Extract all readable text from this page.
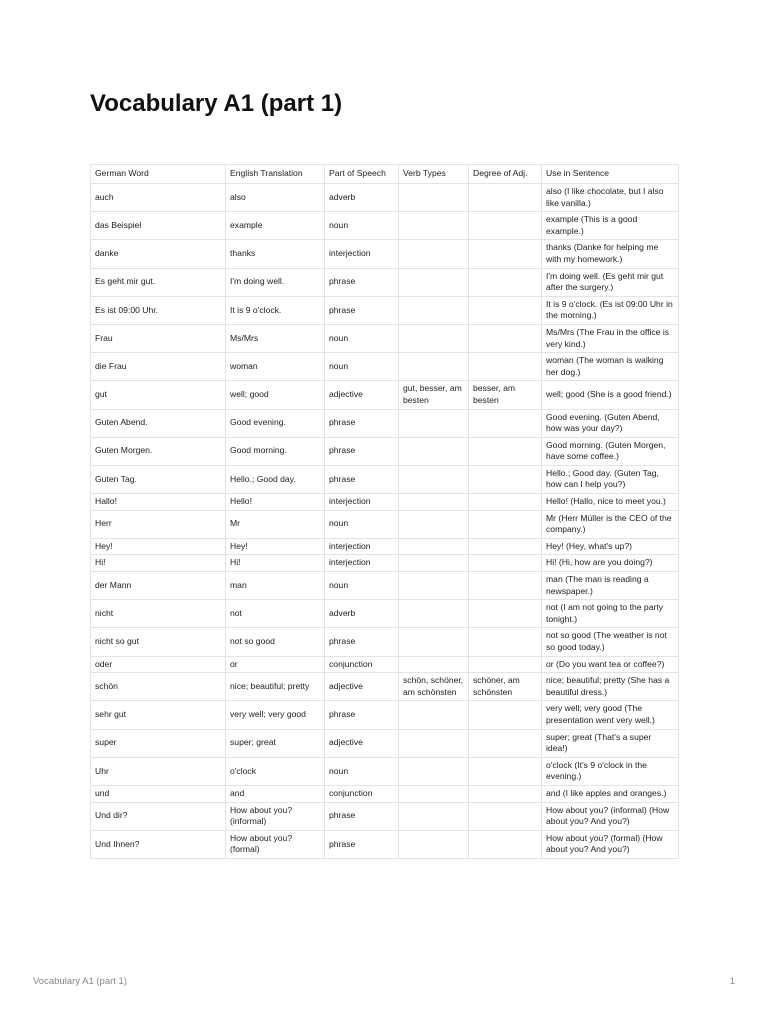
Vocabulary A1 (part 1)
German Word	English Translation	Part of Speech	Verb Types	Degree of Adj.	Use in Sentence
auch	also	adverb			also (I like chocolate, but I also like vanilla.)
das Beispiel	example	noun			example (This is a good example.)
danke	thanks	interjection			thanks (Danke for helping me with my homework.)
Es geht mir gut.	I'm doing well.	phrase			I'm doing well. (Es geht mir gut after the surgery.)
Es ist 09:00 Uhr.	It is 9 o'clock.	phrase			It is 9 o'clock. (Es ist 09:00 Uhr in the morning.)
Frau	Ms/Mrs	noun			Ms/Mrs (The Frau in the office is very kind.)
die Frau	woman	noun			woman (The woman is walking her dog.)
gut	well; good	adjective	gut, besser, am besten	besser, am besten	well; good (She is a good friend.)
Guten Abend.	Good evening.	phrase			Good evening. (Guten Abend, how was your day?)
Guten Morgen.	Good morning.	phrase			Good morning. (Guten Morgen, have some coffee.)
Guten Tag.	Hello.; Good day.	phrase			Hello.; Good day. (Guten Tag, how can I help you?)
Hallo!	Hello!	interjection			Hello! (Hallo, nice to meet you.)
Herr	Mr	noun			Mr (Herr Müller is the CEO of the company.)
Hey!	Hey!	interjection			Hey! (Hey, what's up?)
Hi!	Hi!	interjection			Hi! (Hi, how are you doing?)
der Mann	man	noun			man (The man is reading a newspaper.)
nicht	not	adverb			not (I am not going to the party tonight.)
nicht so gut	not so good	phrase			not so good (The weather is not so good today.)
oder	or	conjunction			or (Do you want tea or coffee?)
schön	nice; beautiful; pretty	adjective	schön, schöner, am schönsten	schöner, am schönsten	nice; beautiful; pretty (She has a beautiful dress.)
sehr gut	very well; very good	phrase			very well; very good (The presentation went very well.)
super	super; great	adjective			super; great (That's a super idea!)
Uhr	o'clock	noun			o'clock (It's 9 o'clock in the evening.)
und	and	conjunction			and (I like apples and oranges.)
Und dir?	How about you? (informal)	phrase			How about you? (informal) (How about you? And you?)
Und Ihnen?	How about you? (formal)	phrase			How about you? (formal) (How about you? And you?)
Vocabulary A1 (part 1)	1
